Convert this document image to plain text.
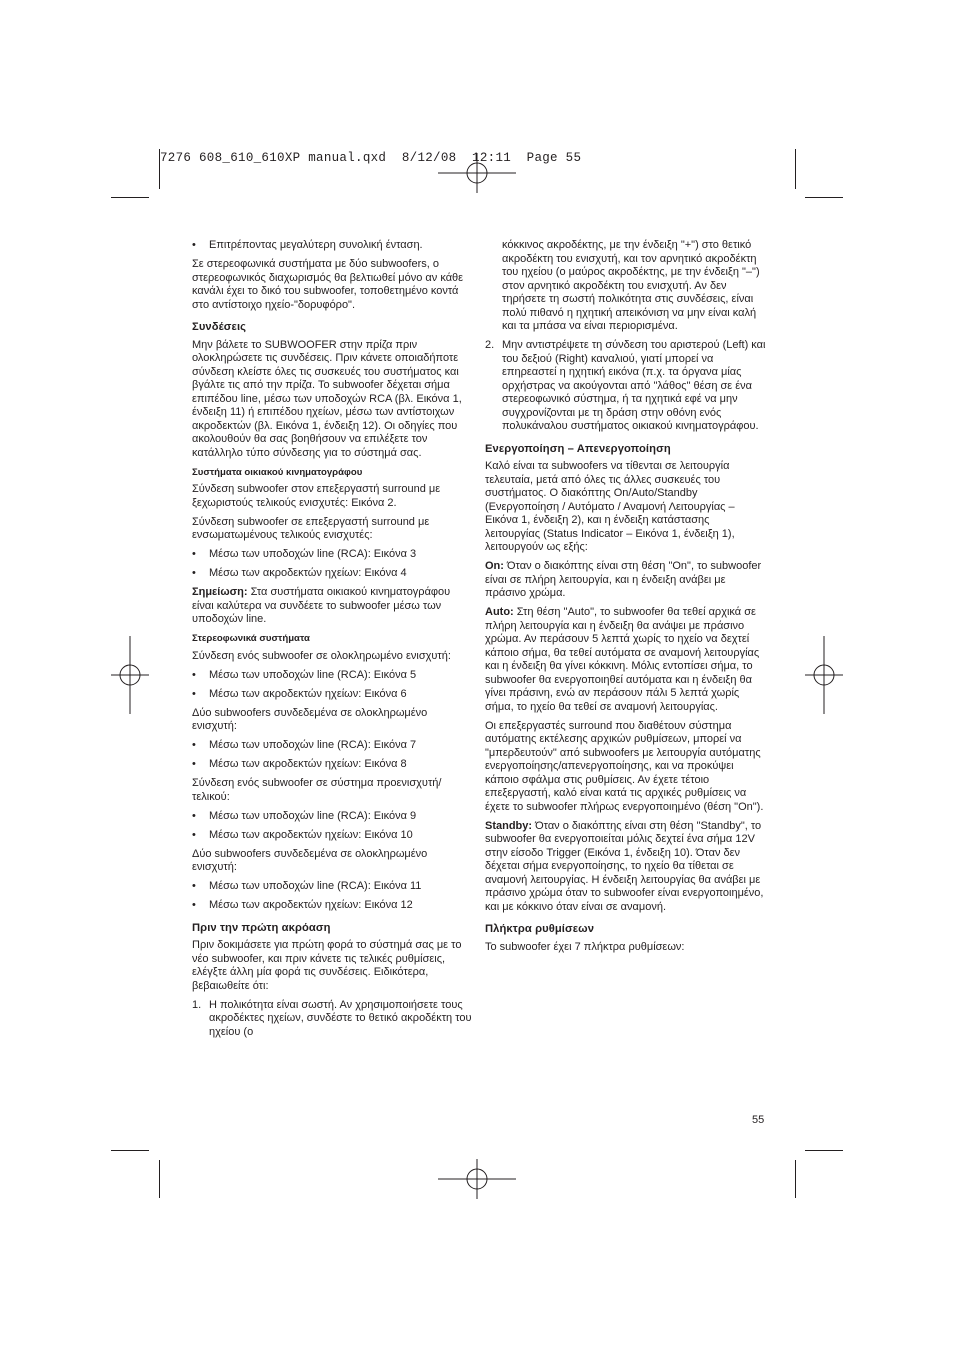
7276 608_610_610XP manual.qxd  8/12/08  12:11  Page 55

• Επιτρέποντας μεγαλύτερη συνολική ένταση.

Σε στερεοφωνικά συστήματα με δύο subwoofers, ο στερεοφωνικός διαχωρισμός θα βελτιωθεί μόνο αν κάθε κανάλι έχει το δικό του subwoofer, τοποθετημένο κοντά στο αντίστοιχο ηχείο-"δορυφόρο".

Συνδέσεις

Μην βάλετε το SUBWOOFER στην πρίζα πριν ολοκληρώσετε τις συνδέσεις. Πριν κάνετε οποιαδήποτε σύνδεση κλείστε όλες τις συσκευές του συστήματος και βγάλτε τις από την πρίζα. Το subwoofer δέχεται σήμα επιπέδου line, μέσω των υποδοχών RCA (βλ. Εικόνα 1, ένδειξη 11) ή επιπέδου ηχείων, μέσω των αντίστοιχων ακροδεκτών (βλ. Εικόνα 1, ένδειξη 12). Οι οδηγίες που ακολουθούν θα σας βοηθήσουν να επιλέξετε τον κατάλληλο τύπο σύνδεσης για το σύστημά σας.

Συστήματα οικιακού κινηματογράφου

Σύνδεση subwoofer στον επεξεργαστή surround με ξεχωριστούς τελικούς ενισχυτές: Εικόνα 2.

Σύνδεση subwoofer σε επεξεργαστή surround με ενσωματωμένους τελικούς ενισχυτές:

• Μέσω των υποδοχών line (RCA): Εικόνα 3

• Μέσω των ακροδεκτών ηχείων: Εικόνα 4

Σημείωση: Στα συστήματα οικιακού κινηματογράφου είναι καλύτερα να συνδέετε το subwoofer μέσω των υποδοχών line.

Στερεοφωνικά συστήματα

Σύνδεση ενός subwoofer σε ολοκληρωμένο ενισχυτή:

• Μέσω των υποδοχών line (RCA): Εικόνα 5

• Μέσω των ακροδεκτών ηχείων: Εικόνα 6

Δύο subwoofers συνδεδεμένα σε ολοκληρωμένο ενισχυτή:

• Μέσω των υποδοχών line (RCA): Εικόνα 7

• Μέσω των ακροδεκτών ηχείων: Εικόνα 8

Σύνδεση ενός subwoofer σε σύστημα προενισχυτή/τελικού:

• Μέσω των υποδοχών line (RCA): Εικόνα 9

• Μέσω των ακροδεκτών ηχείων: Εικόνα 10

Δύο subwoofers συνδεδεμένα σε ολοκληρωμένο ενισχυτή:

• Μέσω των υποδοχών line (RCA): Εικόνα 11

• Μέσω των ακροδεκτών ηχείων: Εικόνα 12

Πριν την πρώτη ακρόαση

Πριν δοκιμάσετε για πρώτη φορά το σύστημά σας με το νέο subwoofer, και πριν κάνετε τις τελικές ρυθμίσεις, ελέγξτε άλλη μία φορά τις συνδέσεις. Ειδικότερα, βεβαιωθείτε ότι:

1. Η πολικότητα είναι σωστή. Αν χρησιμοποιήσετε τους ακροδέκτες ηχείων, συνδέστε το θετικό ακροδέκτη του ηχείου (ο

κόκκινος ακροδέκτης, με την ένδειξη "+") στο θετικό ακροδέκτη του ενισχυτή, και τον αρνητικό ακροδέκτη του ηχείου (ο μαύρος ακροδέκτης, με την ένδειξη "–") στον αρνητικό ακροδέκτη του ενισχυτή. Αν δεν τηρήσετε τη σωστή πολικότητα στις συνδέσεις, είναι πολύ πιθανό η ηχητική απεικόνιση να μην είναι καλή και τα μπάσα να είναι περιορισμένα.

2. Μην αντιστρέψετε τη σύνδεση του αριστερού (Left) και του δεξιού (Right) καναλιού, γιατί μπορεί να επηρεαστεί η ηχητική εικόνα (π.χ. τα όργανα μίας ορχήστρας να ακούγονται από "λάθος" θέση σε ένα στερεοφωνικό σύστημα, ή τα ηχητικά εφέ να μην συγχρονίζονται με τη δράση στην οθόνη ενός πολυκάναλου συστήματος οικιακού κινηματογράφου.

Ενεργοποίηση – Απενεργοποίηση

Καλό είναι τα subwoofers να τίθενται σε λειτουργία τελευταία, μετά από όλες τις άλλες συσκευές του συστήματος. Ο διακόπτης On/Auto/Standby (Ενεργοποίηση / Αυτόματο / Αναμονή Λειτουργίας – Εικόνα 1, ένδειξη 2), και η ένδειξη κατάστασης λειτουργίας (Status Indicator – Εικόνα 1, ένδειξη 1), λειτουργούν ως εξής:

On: Όταν ο διακόπτης είναι στη θέση "On", το subwoofer είναι σε πλήρη λειτουργία, και η ένδειξη ανάβει με πράσινο χρώμα.

Auto: Στη θέση "Auto", το subwoofer θα τεθεί αρχικά σε πλήρη λειτουργία και η ένδειξη θα ανάψει με πράσινο χρώμα. Αν περάσουν 5 λεπτά χωρίς το ηχείο να δεχτεί κάποιο σήμα, θα τεθεί αυτόματα σε αναμονή λειτουργίας και η ένδειξη θα γίνει κόκκινη. Μόλις εντοπίσει σήμα, το subwoofer θα ενεργοποιηθεί αυτόματα και η ένδειξη θα γίνει πράσινη, ενώ αν περάσουν πάλι 5 λεπτά χωρίς σήμα, το ηχείο θα τεθεί σε αναμονή λειτουργίας.

Οι επεξεργαστές surround που διαθέτουν σύστημα αυτόματης εκτέλεσης αρχικών ρυθμίσεων, μπορεί να "μπερδευτούν" από subwoofers με λειτουργία αυτόματης ενεργοποίησης/απενεργοποίησης, και να προκύψει κάποιο σφάλμα στις ρυθμίσεις. Αν έχετε τέτοιο επεξεργαστή, καλό είναι κατά τις αρχικές ρυθμίσεις να έχετε το subwoofer πλήρως ενεργοποιημένο (θέση "On").

Standby: Όταν ο διακόπτης είναι στη θέση "Standby", το subwoofer θα ενεργοποιείται μόλις δεχτεί ένα σήμα 12V στην είσοδο Trigger (Εικόνα 1, ένδειξη 10). Όταν δεν δέχεται σήμα ενεργοποίησης, το ηχείο θα τίθεται σε αναμονή λειτουργίας. Η ένδειξη λειτουργίας θα ανάβει με πράσινο χρώμα όταν το subwoofer είναι ενεργοποιημένο, και με κόκκινο όταν είναι σε αναμονή.

Πλήκτρα ρυθμίσεων

Το subwoofer έχει 7 πλήκτρα ρυθμίσεων:

55
